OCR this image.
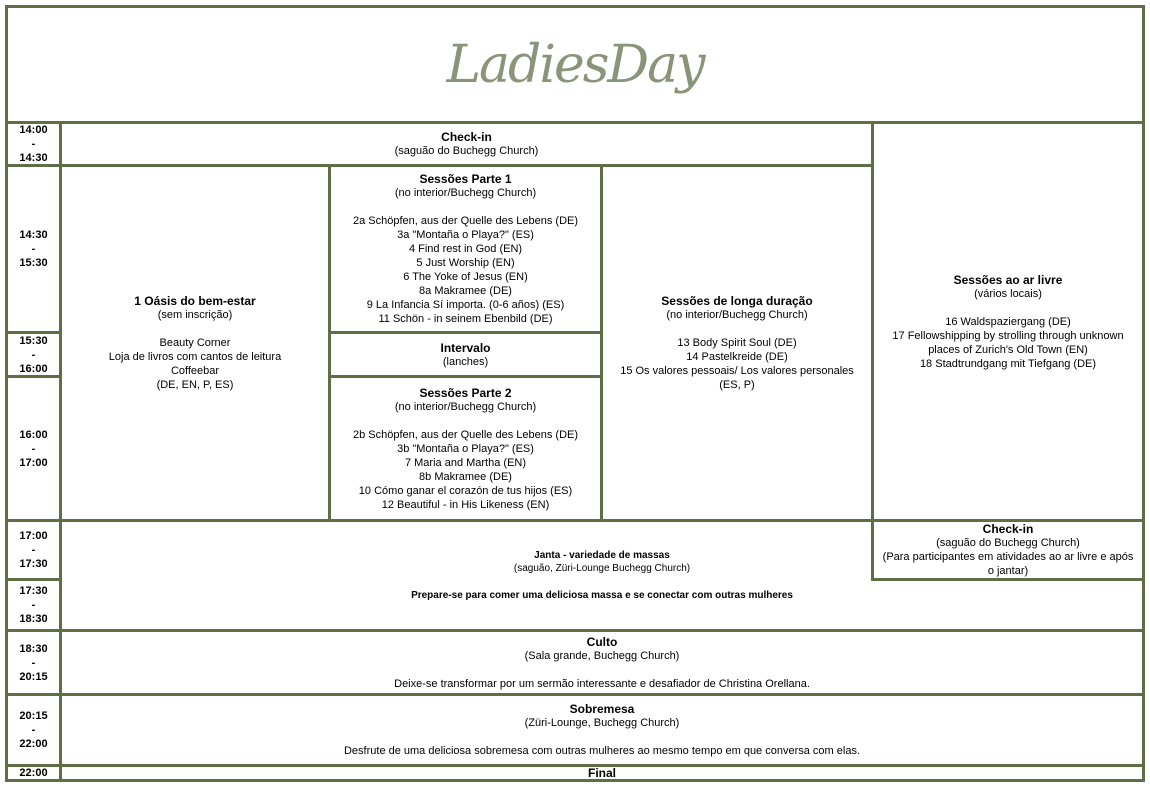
LadiesDay
14:00
-
14:30
14:30
-
15:30
15:30
-
16:00
16:00
-
17:00
17:00
-
17:30
17:30
-
18:30
18:30
-
20:15
20:15
-
22:00
22:00
Check-in
(saguão do Buchegg Church)
1 Oásis do bem-estar
(sem inscrição)
Beauty Corner
Loja de livros com cantos de leitura
Coffeebar
(DE, EN, P, ES)
Sessões Parte 1
(no interior/Buchegg Church)
2a Schöpfen, aus der Quelle des Lebens (DE)
3a "Montaña o Playa?" (ES)
4 Find rest in God (EN)
5 Just Worship (EN)
6 The Yoke of Jesus (EN)
8a Makramee (DE)
9 La Infancia Sí importa. (0-6 años) (ES)
11 Schön - in seinem Ebenbild (DE)
Intervalo
(lanches)
Sessões Parte 2
(no interior/Buchegg Church)
2b Schöpfen, aus der Quelle des Lebens (DE)
3b "Montaña o Playa?" (ES)
7 Maria and Martha (EN)
8b Makramee (DE)
10 Cómo ganar el corazón de tus hijos (ES)
12 Beautiful - in His Likeness (EN)
Sessões de longa duração
(no interior/Buchegg Church)
13 Body Spirit Soul (DE)
14 Pastelkreide (DE)
15 Os valores pessoais/ Los valores personales
(ES, P)
Sessões ao ar livre
(vários locais)
16 Waldspaziergang (DE)
17 Fellowshipping by strolling through unknown
places of Zurich's Old Town (EN)
18 Stadtrundgang mit Tiefgang (DE)
Janta - variedade de massas
(saguão, Züri-Lounge Buchegg Church)
Prepare-se para comer uma deliciosa massa e se conectar com outras mulheres
Check-in
(saguão do Buchegg Church)
(Para participantes em atividades ao ar livre e após
o jantar)
Culto
(Sala grande, Buchegg Church)
Deixe-se transformar por um sermão interessante e desafiador de Christina Orellana.
Sobremesa
(Züri-Lounge, Buchegg Church)
Desfrute de uma deliciosa sobremesa com outras mulheres ao mesmo tempo em que conversa com elas.
Final
